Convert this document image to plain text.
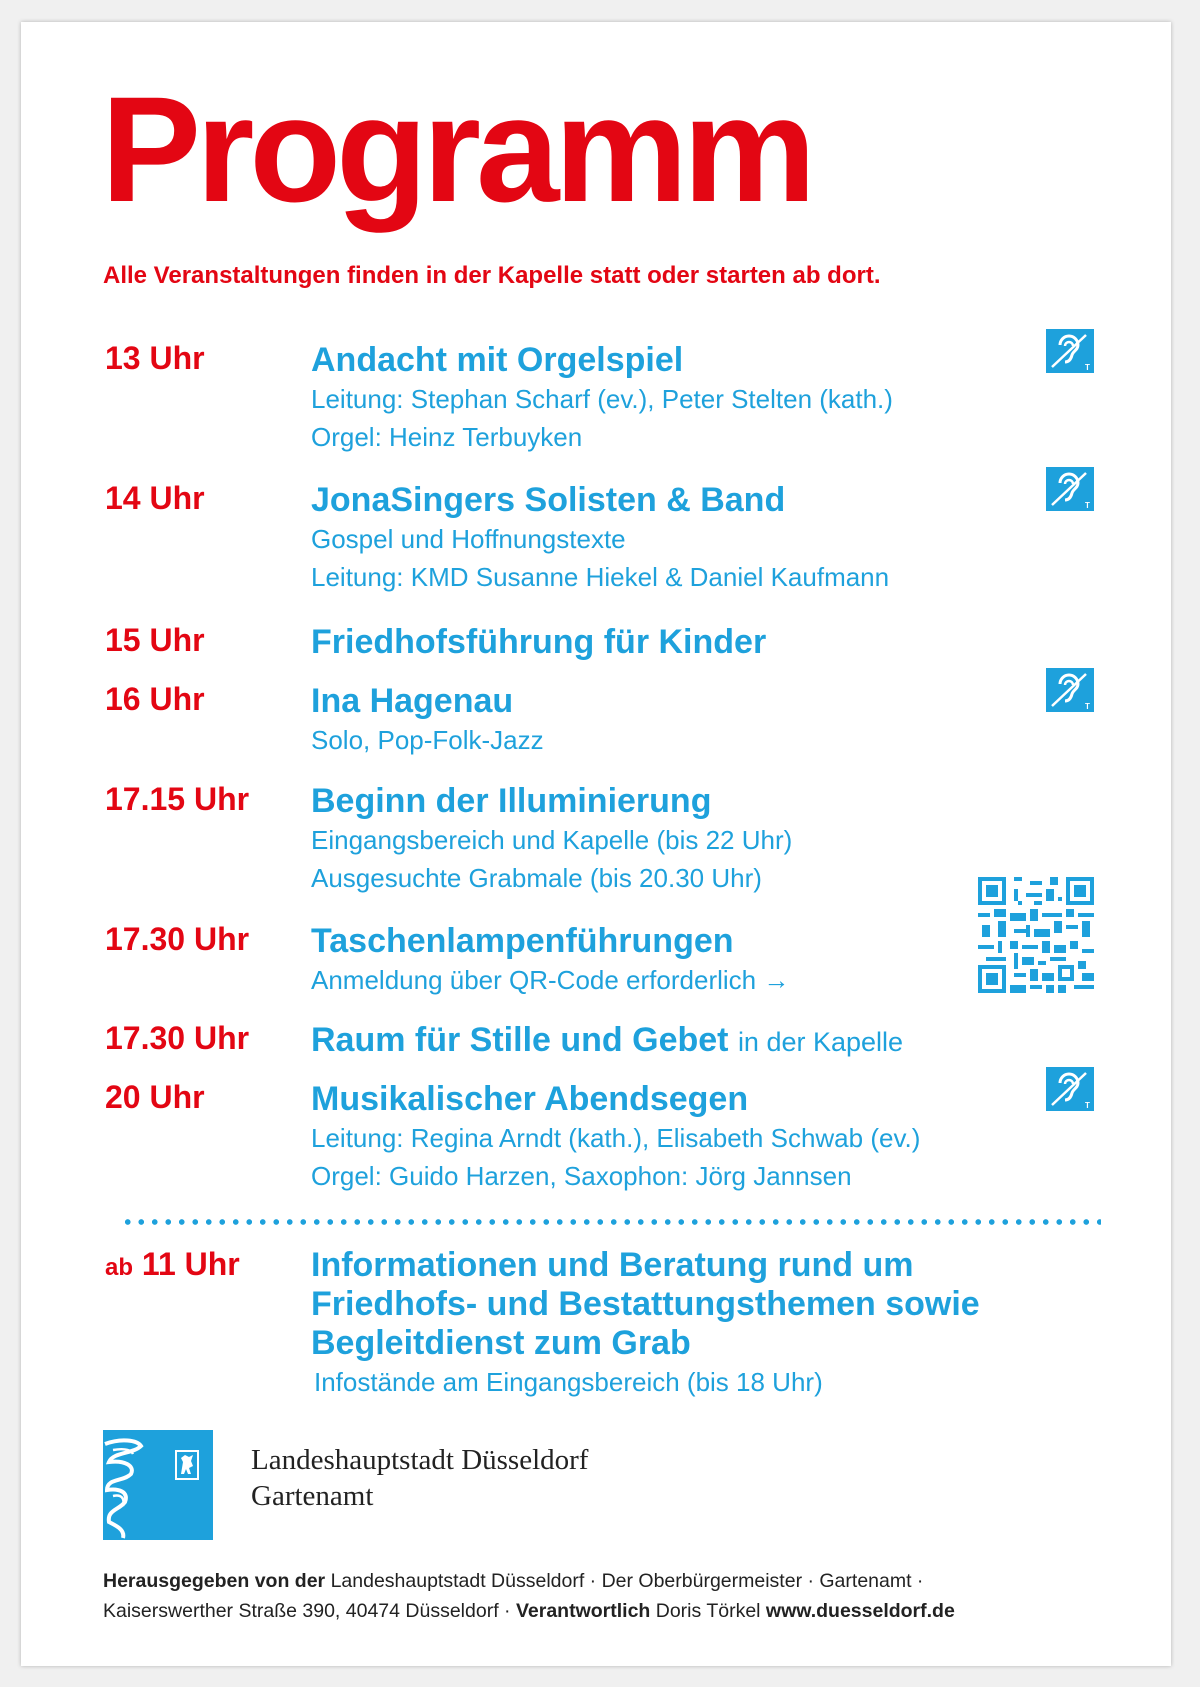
Programm
Alle Veranstaltungen finden in der Kapelle statt oder starten ab dort.
13 Uhr	Andacht mit Orgelspiel
Leitung: Stephan Scharf (ev.), Peter Stelten (kath.)
Orgel: Heinz Terbuyken
14 Uhr	JonaSingers Solisten & Band
Gospel und Hoffnungstexte
Leitung: KMD Susanne Hiekel & Daniel Kaufmann
15 Uhr	Friedhofsführung für Kinder
16 Uhr	Ina Hagenau
Solo, Pop-Folk-Jazz
17.15 Uhr Beginn der Illuminierung
Eingangsbereich und Kapelle (bis 22 Uhr)
Ausgesuchte Grabmale (bis 20.30 Uhr)
17.30 Uhr Taschenlampenführungen
Anmeldung über QR-Code erforderlich →
17.30 Uhr Raum für Stille und Gebet in der Kapelle
20 Uhr	Musikalischer Abendsegen
Leitung: Regina Arndt (kath.), Elisabeth Schwab (ev.)
Orgel: Guido Harzen, Saxophon: Jörg Jannsen
T
T
T
T
ab 11 Uhr Informationen und Beratung rund um Friedhofs- und Bestattungsthemen sowie Begleitdienst zum Grab
Infostände am Eingangsbereich (bis 18 Uhr)
Landeshauptstadt Düsseldorf
Gartenamt
Herausgegeben von der Landeshauptstadt Düsseldorf · Der Oberbürgermeister · Gartenamt ·
Kaiserswerther Straße 390, 40474 Düsseldorf · Verantwortlich Doris Törkel www.duesseldorf.de
